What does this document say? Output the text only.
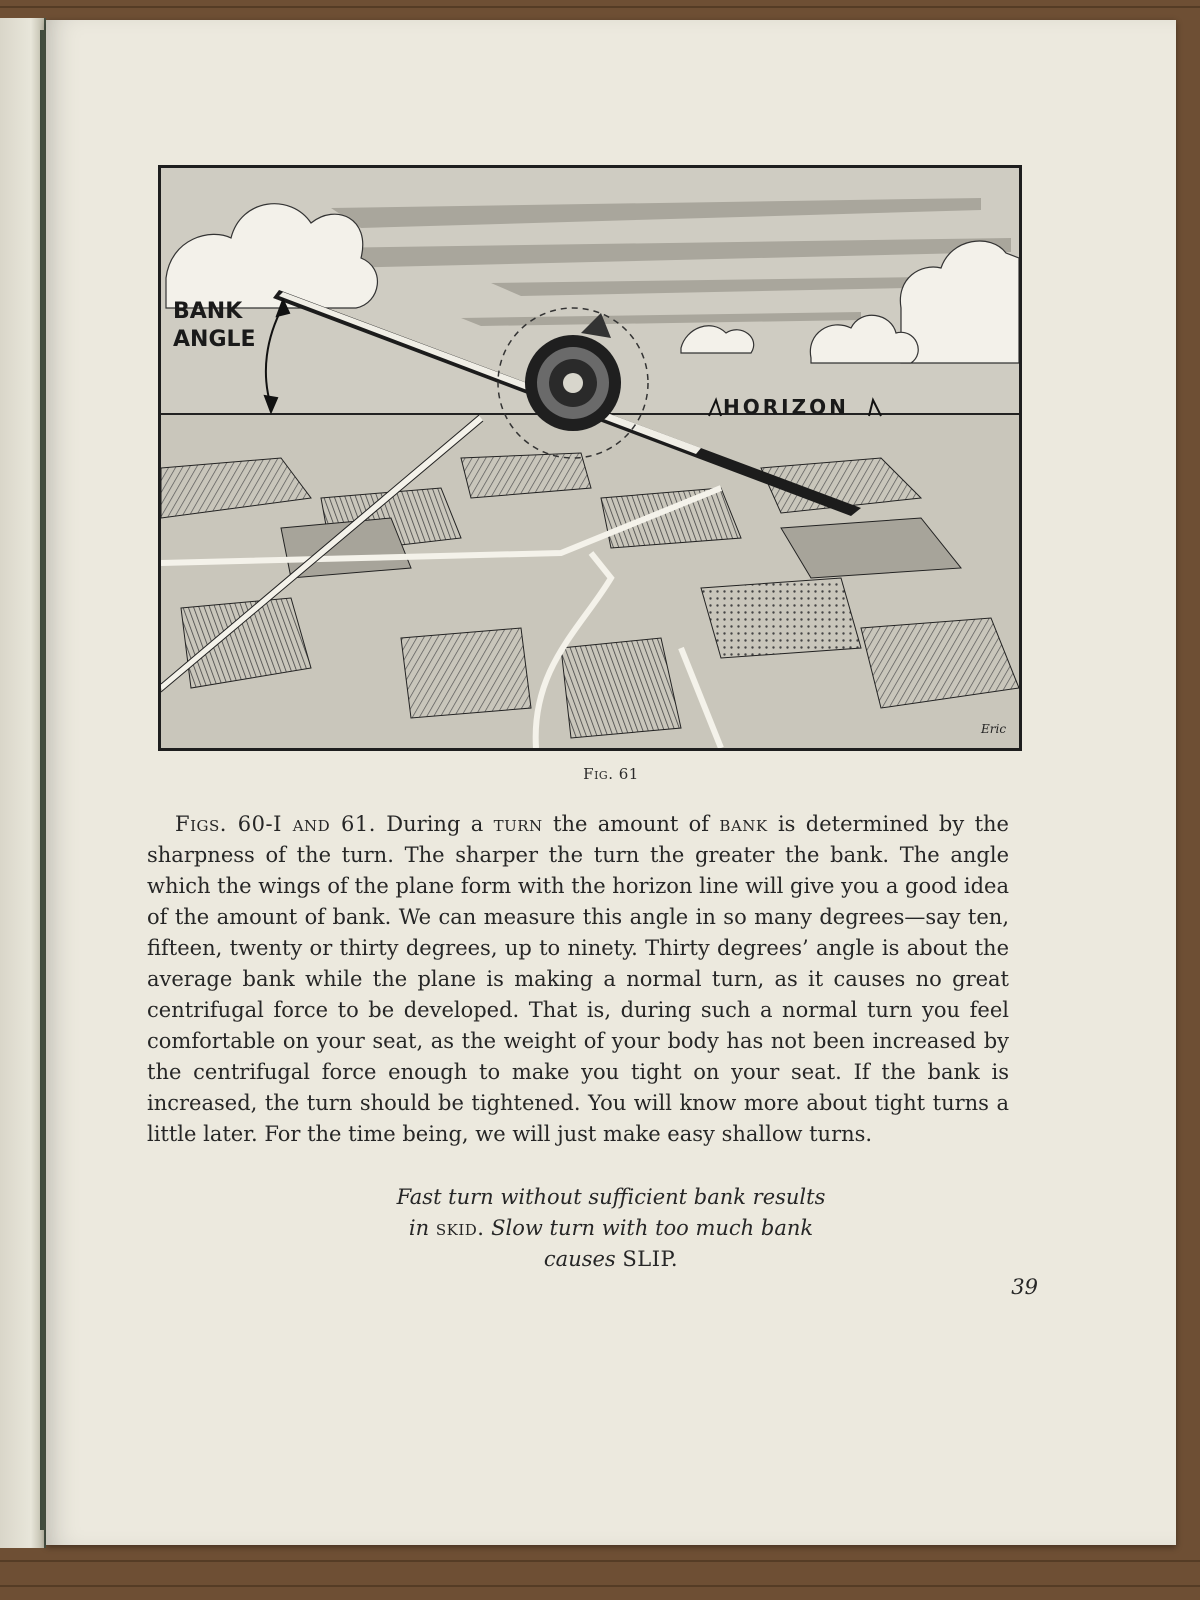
BANK
ANGLE
HORIZON
Eric
Fig. 61
Figs. 60-I and 61. During a turn the amount of bank is determined by the sharpness of the turn. The sharper the turn the greater the bank. The angle which the wings of the plane form with the horizon line will give you a good idea of the amount of bank. We can measure this angle in so many degrees—say ten, fifteen, twenty or thirty degrees, up to ninety. Thirty degrees’ angle is about the average bank while the plane is making a normal turn, as it causes no great centrifugal force to be developed. That is, during such a normal turn you feel comfortable on your seat, as the weight of your body has not been increased by the centrifugal force enough to make you tight on your seat. If the bank is increased, the turn should be tightened. You will know more about tight turns a little later. For the time being, we will just make easy shallow turns.
Fast turn without sufficient bank results
in skid. Slow turn with too much bank
causes SLIP.
39
